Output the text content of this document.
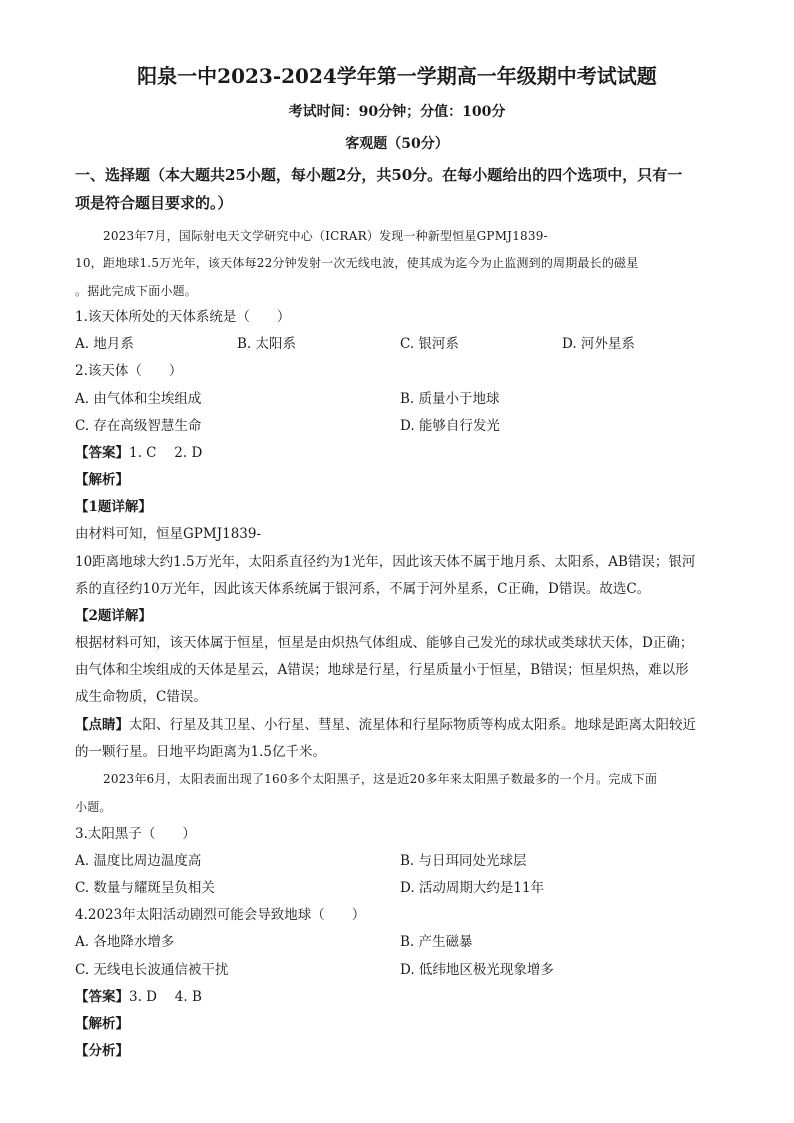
阳泉一中2023-2024学年第一学期高一年级期中考试试题
考试时间：90分钟；分值：100分
客观题（50分）
一、选择题（本大题共25小题，每小题2分，共50分。在每小题给出的四个选项中，只有一
项是符合题目要求的。）
2023年7月，国际射电天文学研究中心（ICRAR）发现一种新型恒星GPMJ1839-
10，距地球1.5万光年，该天体每22分钟发射一次无线电波，使其成为迄今为止监测到的周期最长的磁星
。据此完成下面小题。
1.该天体所处的天体系统是（　　）
A. 地月系	B. 太阳系	C. 银河系	D. 河外星系
2.该天体（　　）
A. 由气体和尘埃组成	B. 质量小于地球
C. 存在高级智慧生命	D. 能够自行发光
【答案】1. C　 2. D
【解析】
【1题详解】
由材料可知，恒星GPMJ1839-
10距离地球大约1.5万光年，太阳系直径约为1光年，因此该天体不属于地月系、太阳系，AB错误；银河
系的直径约10万光年，因此该天体系统属于银河系，不属于河外星系，C正确，D错误。故选C。
【2题详解】
根据材料可知，该天体属于恒星，恒星是由炽热气体组成、能够自己发光的球状或类球状天体，D正确；
由气体和尘埃组成的天体是星云，A错误；地球是行星，行星质量小于恒星，B错误；恒星炽热，难以形
成生命物质，C错误。
【点睛】太阳、行星及其卫星、小行星、彗星、流星体和行星际物质等构成太阳系。地球是距离太阳较近
的一颗行星。日地平均距离为1.5亿千米。
2023年6月，太阳表面出现了160多个太阳黑子，这是近20多年来太阳黑子数最多的一个月。完成下面
小题。
3.太阳黑子（　　）
A. 温度比周边温度高	B. 与日珥同处光球层
C. 数量与耀斑呈负相关	D. 活动周期大约是11年
4.2023年太阳活动剧烈可能会导致地球（　　）
A. 各地降水增多	B. 产生磁暴
C. 无线电长波通信被干扰	D. 低纬地区极光现象增多
【答案】3. D　 4. B
【解析】
【分析】
